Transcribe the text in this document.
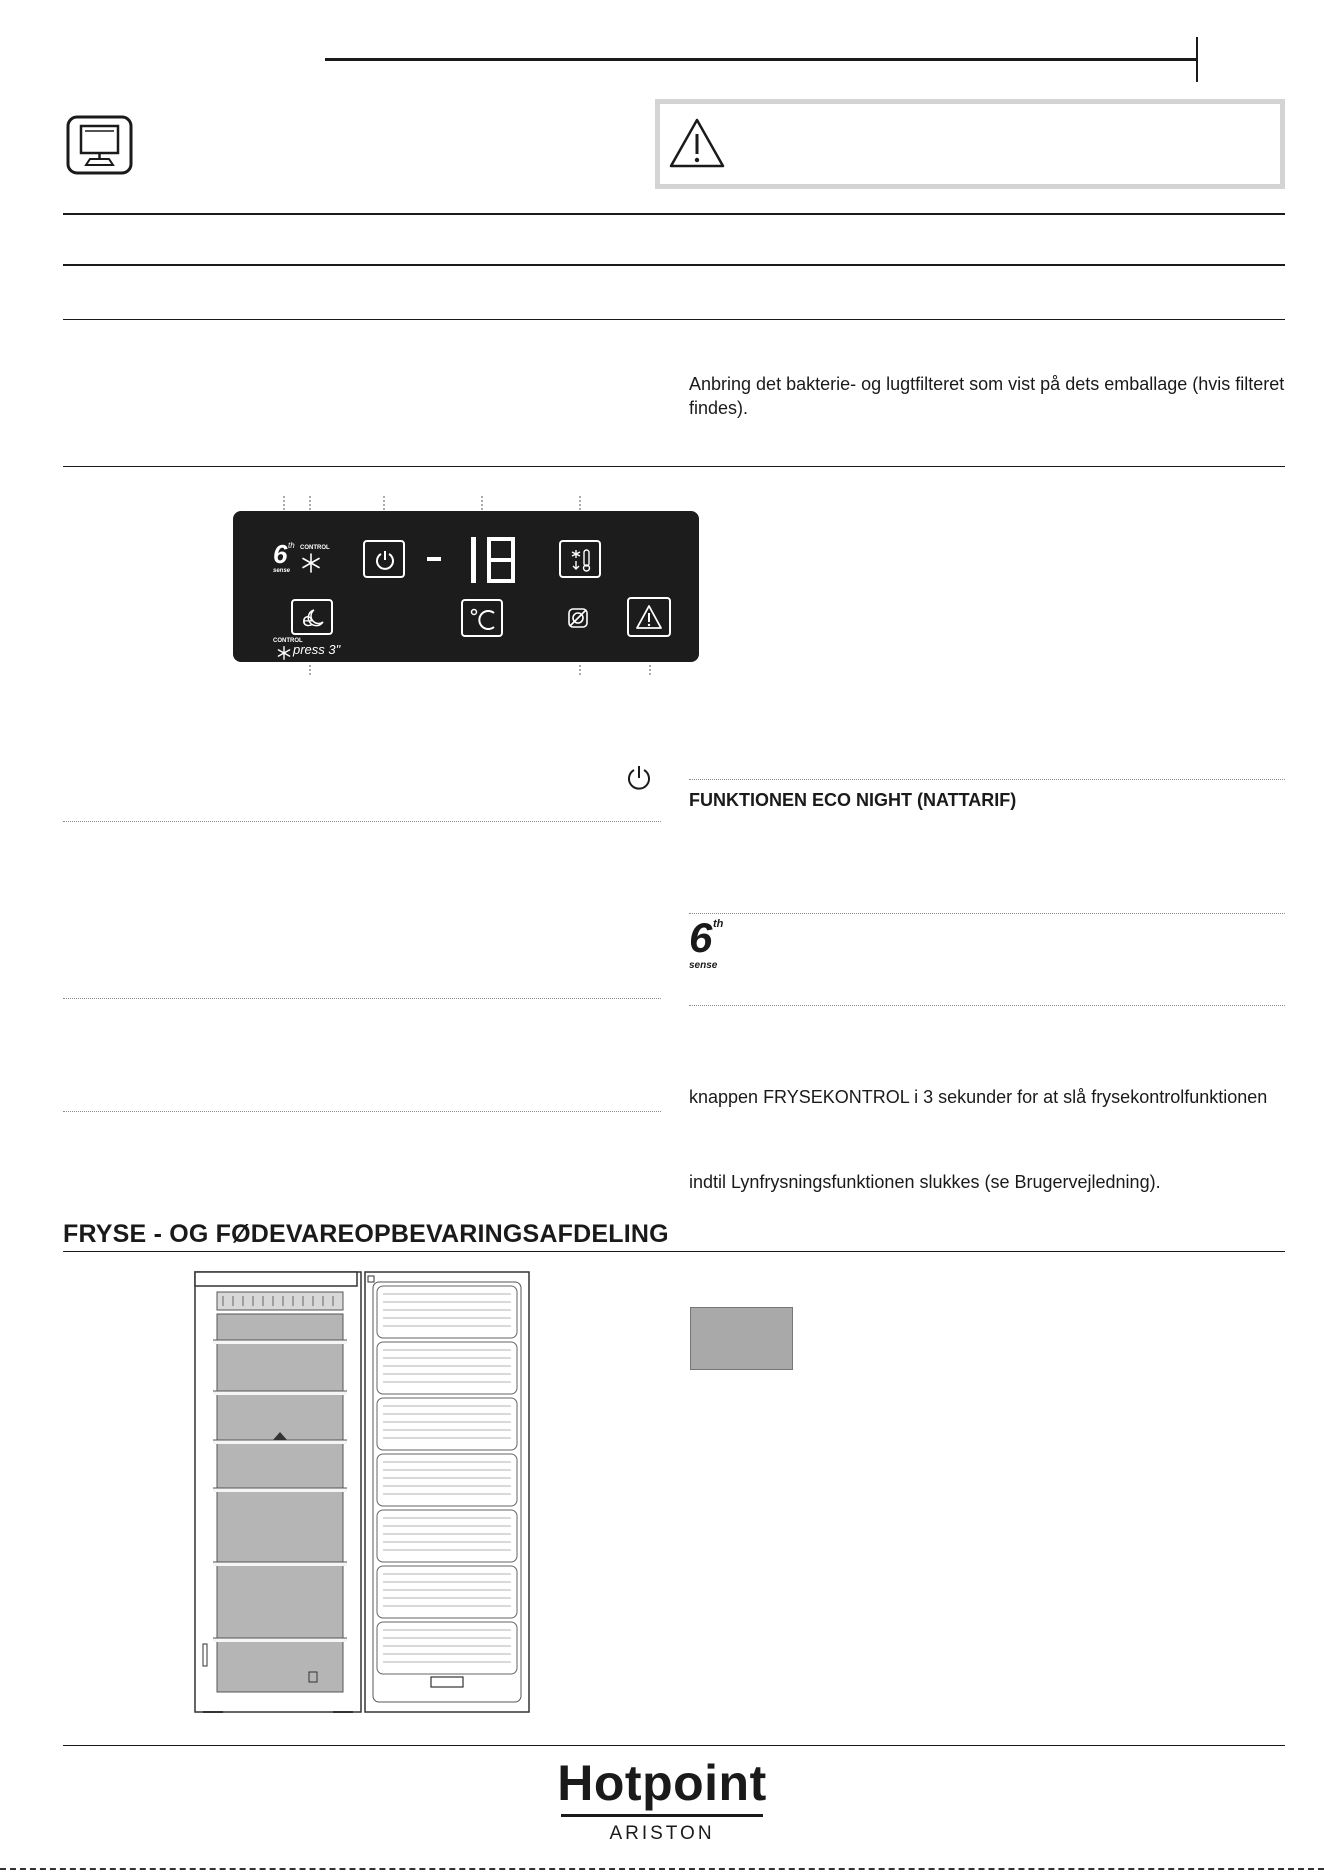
Anbring det bakterie- og lugtfilteret som vist på dets emballage (hvis filteret findes).
6 th
sense
CONTROL
e
CONTROL
press 3"
FUNKTIONEN ECO NIGHT (NATTARIF)
6 th
sense
knappen FRYSEKONTROL i 3 sekunder for at slå frysekontrolfunktionen
indtil Lynfrysningsfunktionen slukkes (se Brugervejledning).
FRYSE - OG FØDEVAREOPBEVARINGSAFDELING
Hotpoint
ARISTON
